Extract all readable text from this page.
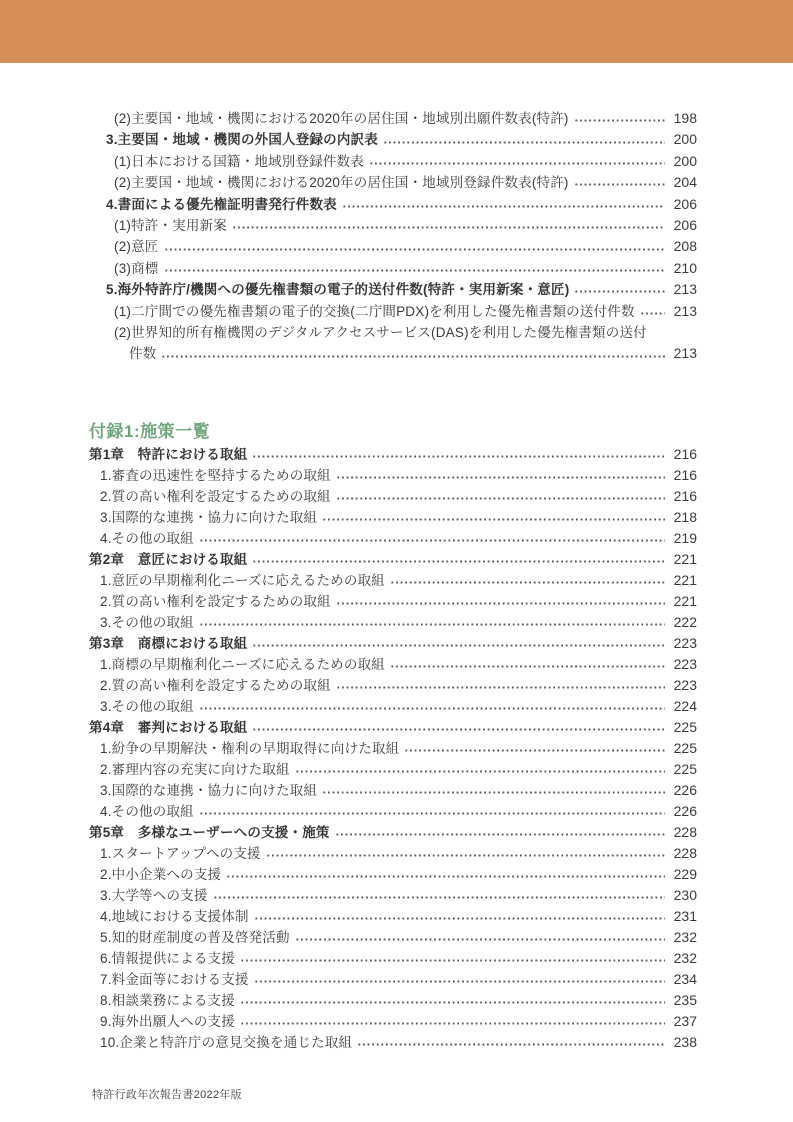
(2)主要国・地域・機関における2020年の居住国・地域別出願件数表(特許)	198
3.主要国・地域・機関の外国人登録の内訳表	200
(1)日本における国籍・地域別登録件数表	200
(2)主要国・地域・機関における2020年の居住国・地域別登録件数表(特許)	204
4.書面による優先権証明書発行件数表	206
(1)特許・実用新案	206
(2)意匠	208
(3)商標	210
5.海外特許庁/機関への優先権書類の電子的送付件数(特許・実用新案・意匠)	213
(1)二庁間での優先権書類の電子的交換(二庁間PDX)を利用した優先権書類の送付件数	213
(2)世界知的所有権機関のデジタルアクセスサービス(DAS)を利用した優先権書類の送付
件数	213
付録1:施策一覧
第1章　特許における取組	216
1.審査の迅速性を堅持するための取組	216
2.質の高い権利を設定するための取組	216
3.国際的な連携・協力に向けた取組	218
4.その他の取組	219
第2章　意匠における取組	221
1.意匠の早期権利化ニーズに応えるための取組	221
2.質の高い権利を設定するための取組	221
3.その他の取組	222
第3章　商標における取組	223
1.商標の早期権利化ニーズに応えるための取組	223
2.質の高い権利を設定するための取組	223
3.その他の取組	224
第4章　審判における取組	225
1.紛争の早期解決・権利の早期取得に向けた取組	225
2.審理内容の充実に向けた取組	225
3.国際的な連携・協力に向けた取組	226
4.その他の取組	226
第5章　多様なユーザーへの支援・施策	228
1.スタートアップへの支援	228
2.中小企業への支援	229
3.大学等への支援	230
4.地域における支援体制	231
5.知的財産制度の普及啓発活動	232
6.情報提供による支援	232
7.料金面等における支援	234
8.相談業務による支援	235
9.海外出願人への支援	237
10.企業と特許庁の意見交換を通じた取組	238
特許行政年次報告書2022年版
